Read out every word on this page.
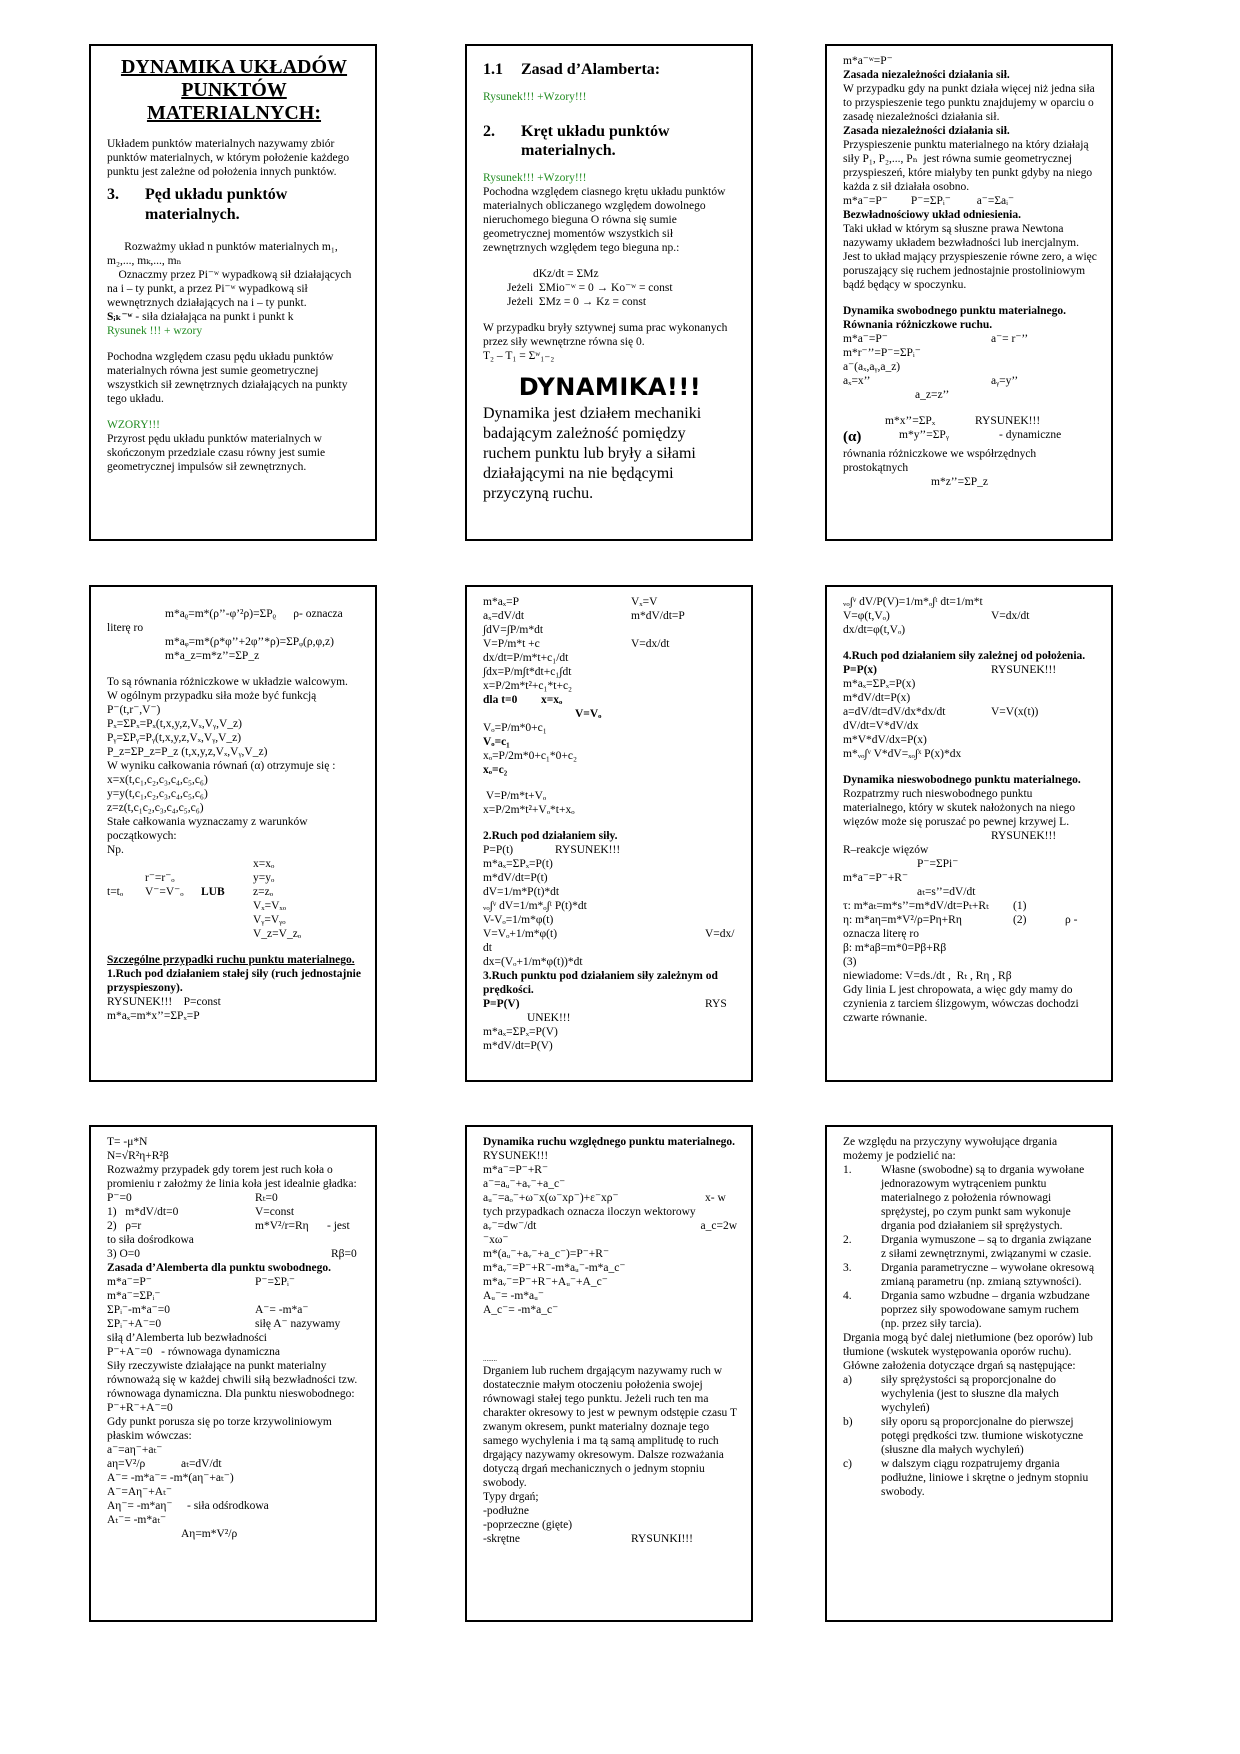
DYNAMIKA UKŁADÓW PUNKTÓW MATERIALNYCH:

Układem punktów materialnych nazywamy zbiór punktów materialnych, w którym położenie każdego punktu jest zależne od położenia innych punktów.

3.	Pęd układu punktów materialnych.

Rozważmy układ n punktów materialnych m₁, m₂,..., mₖ,..., mₙ

Oznaczmy przez Pi⁻ʷ wypadkową sił działających na i – ty punkt, a przez Pi⁻ʷ wypadkową sił wewnętrznych działających na i – ty punkt.

Sᵢₖ⁻ʷ - siła działająca na punkt i punkt k

Rysunek !!! + wzory

Pochodna względem czasu pędu układu punktów materialnych równa jest sumie geometrycznej wszystkich sił zewnętrznych działających na punkty tego układu.

WZORY!!!

Przyrost pędu układu punktów materialnych w skończonym przedziale czasu równy jest sumie geometrycznej impulsów sił zewnętrznych.

1.1	Zasad d’Alamberta:

Rysunek!!! +Wzory!!!

2.	Kręt układu punktów materialnych.

Rysunek!!! +Wzory!!!

Pochodna względem ciasnego krętu układu punktów materialnych obliczanego względem dowolnego nieruchomego bieguna O równa się sumie geometrycznej momentów wszystkich sił zewnętrznych względem tego bieguna np.:

dKz/dt = ΣMz

Jeżeli  ΣMio⁻ʷ = 0 → Ko⁻ʷ = const

Jeżeli  ΣMz = 0 → Kz = const

W przypadku bryły sztywnej suma prac wykonanych przez siły wewnętrzne równa się 0.

T₂ – T₁ = Σʷ₁₋₂

DYNAMIKA!!!

Dynamika jest działem mechaniki badającym zależność pomiędzy ruchem punktu lub bryły a siłami działającymi na nie będącymi przyczyną ruchu.

m*a⁻ʷ=P⁻

Zasada niezależności działania sił.

W przypadku gdy na punkt działa więcej niż jedna siła to przyspieszenie tego punktu znajdujemy w oparciu o zasadę niezależności działania sił.

Zasada niezależności działania sił.

Przyspieszenie punktu materialnego na który działają siły P₁, P₂,..., Pₙ  jest równa sumie geometrycznej przyspieszeń, które miałyby ten punkt gdyby na niego każda z sił działała osobno.

m*a⁻=P⁻        P⁻=ΣPᵢ⁻         a⁻=Σaᵢ⁻

Bezwładnościowy układ odniesienia.

Taki układ w którym są słuszne prawa Newtona nazywamy układem bezwładności lub inercjalnym. Jest to układ mający przyspieszenie równe zero, a więc poruszający się ruchem jednostajnie prostoliniowym bądź będący w spoczynku.

Dynamika swobodnego punktu materialnego. Równania różniczkowe ruchu.

m*a⁻=P⁻	a⁻= r⁻’’

m*r⁻’’=P⁻=ΣPᵢ⁻

a⁻(aₓ,aᵧ,a_z)

aₓ=x’’	aᵧ=y’’

a_z=z’’

m*x’’=ΣPₓ	RYSUNEK!!!
(α)	m*y’’=ΣPᵧ	- dynamiczne

równania różniczkowe we współrzędnych prostokątnych

m*z’’=ΣP_z

m*aᵨ=m*(ρ’’-φ’²ρ)=ΣPᵨ      ρ- oznacza

literę ro

m*aᵩ=m*(ρ*φ’’+2φ’’*ρ)=ΣPᵩ(ρ,φ,z)

m*a_z=m*z’’=ΣP_z

To są równania różniczkowe w układzie walcowym.

W ogólnym przypadku siła może być funkcją

P⁻(t,r⁻,V⁻)

Pₓ=ΣPₓ=Pₓ(t,x,y,z,Vₓ,Vᵧ,V_z)

Pᵧ=ΣPᵧ=Pᵧ(t,x,y,z,Vₓ,Vᵧ,V_z)

P_z=ΣP_z=P_z (t,x,y,z,Vₓ,Vᵧ,V_z)

W wyniku całkowania równań (α) otrzymuje się :

x=x(t,c₁,c₂,c₃,c₄,c₅,c₆)

y=y(t,c₁,c₂,c₃,c₄,c₅,c₆)

z=z(t,c₁c₂,c₃,c₄,c₅,c₆)

Stałe całkowania wyznaczamy z warunków początkowych:

Np.

x=xₒ

r⁻=r⁻ₒ	y=yₒ
t=tₒ	V⁻=V⁻ₒ	LUB	z=zₒ

Vₓ=Vₓₒ

Vᵧ=Vᵧₒ

V_z=V_zₒ

Szczególne przypadki ruchu punktu materialnego.

1.Ruch pod działaniem stałej siły (ruch jednostajnie przyspieszony).

RYSUNEK!!!    P=const

m*aₓ=m*x’’=ΣPₓ=P

m*aₓ=P	Vₓ=V
aₓ=dV/dt	m*dV/dt=P

∫dV=∫P/m*dt

V=P/m*t +c	V=dx/dt

dx/dt=P/m*t+c₁/dt

∫dx=P/m∫t*dt+c₁∫dt

x=P/2m*t²+c₁*t+c₂

dla t=0	x=xₒ

V=Vₒ

Vₒ=P/m*0+c₁

Vₒ=c₁

xₒ=P/2m*0+c₁*0+c₂

xₒ=c₂

V=P/m*t+Vₒ

x=P/2m*t²+Vₒ*t+xₒ

2.Ruch pod działaniem siły.

P=P(t)	RYSUNEK!!!

m*aₓ=ΣPₓ=P(t)

m*dV/dt=P(t)

dV=1/m*P(t)*dt

ᵥₒ∫ᵛ dV=1/m*ₒ∫ᵗ P(t)*dt

V-Vₒ=1/m*φ(t)

V=Vₒ+1/m*φ(t)	V=dx/

dt

dx=(Vₒ+1/m*φ(t))*dt

3.Ruch punktu pod działaniem siły zależnym od prędkości.

P=P(V)	RYS

UNEK!!!

m*aₓ=ΣPₓ=P(V)

m*dV/dt=P(V)

ᵥₒ∫ᵛ dV/P(V)=1/m*ₒ∫ᵗ dt=1/m*t

V=φ(t,Vₒ)	V=dx/dt

dx/dt=φ(t,Vₒ)

4.Ruch pod działaniem siły zależnej od położenia.

P=P(x)	RYSUNEK!!!

m*aₓ=ΣPₓ=P(x)

m*dV/dt=P(x)

a=dV/dt=dV/dx*dx/dt	V=V(x(t))

dV/dt=V*dV/dx

m*V*dV/dx=P(x)

m*ᵥₒ∫ᵛ V*dV=ₓₒ∫ˣ P(x)*dx

Dynamika nieswobodnego punktu materialnego.

Rozpatrzmy ruch nieswobodnego punktu materialnego, który w skutek nałożonych na niego więzów może się poruszać po pewnej krzywej L.

RYSUNEK!!!

R–reakcje więzów

P⁻=ΣPi⁻

m*a⁻=P⁻+R⁻

aₜ=s’’=dV/dt

τ: m*aₜ=m*s’’=m*dV/dt=Pₜ+Rₜ	(1)
η: m*aη=m*V²/ρ=Pη+Rη	(2)	ρ -

oznacza literę ro

β: m*aβ=m*0=Pβ+Rβ

(3)

niewiadome: V=ds./dt ,  Rₜ , Rη , Rβ

Gdy linia L jest chropowata, a więc gdy mamy do czynienia z tarciem ślizgowym, wówczas dochodzi czwarte równanie.

T= -μ*N

N=√R²η+R²β

Rozważmy przypadek gdy torem jest ruch koła o promieniu r założmy że linia koła jest idealnie gładka:

P⁻=0	Rₜ=0
1)   m*dV/dt=0	V=const
2)   ρ=r	m*V²/r=Rη	- jest

to siła dośrodkowa

3) O=0	Rβ=0

Zasada d’Alemberta dla punktu swobodnego.

m*a⁻=P⁻	P⁻=ΣPᵢ⁻

m*a⁻=ΣPᵢ⁻

ΣPᵢ⁻-m*a⁻=0	A⁻= -m*a⁻
ΣPᵢ⁻+A⁻=0	siłę A⁻ nazywamy

siłą d’Alemberta lub bezwładności

P⁻+A⁻=0   - równowaga dynamiczna

Siły rzeczywiste działające na punkt materialny równoważą się w każdej chwili siłą bezwładności tzw. równowaga dynamiczna. Dla punktu nieswobodnego:

P⁻+R⁻+A⁻=0

Gdy punkt porusza się po torze krzywoliniowym płaskim wówczas:

a⁻=aη⁻+aₜ⁻

aη=V²/ρ	aₜ=dV/dt

A⁻= -m*a⁻= -m*(aη⁻+aₜ⁻)

A⁻=Aη⁻+Aₜ⁻

Aη⁻= -m*aη⁻	- siła odśrodkowa

Aₜ⁻= -m*aₜ⁻

Aη=m*V²/ρ

Dynamika ruchu względnego punktu materialnego.

RYSUNEK!!!

m*a⁻=P⁻+R⁻

a⁻=aᵤ⁻+aᵥ⁻+a_c⁻

aᵤ⁻=aₒ⁻+ω⁻x(ω⁻xρ⁻)+ε⁻xρ⁻	x- w

tych przypadkach oznacza iloczyn wektorowy

aᵥ⁻=dw⁻/dt	a_c=2w

⁻xω⁻

m*(aᵤ⁻+aᵥ⁻+a_c⁻)=P⁻+R⁻

m*aᵥ⁻=P⁻+R⁻-m*aᵤ⁻-m*a_c⁻

m*aᵥ⁻=P⁻+R⁻+Aᵤ⁻+A_c⁻

Aᵤ⁻= -m*aᵤ⁻

A_c⁻= -m*a_c⁻

........

Drganiem lub ruchem drgającym nazywamy ruch w dostatecznie małym otoczeniu położenia swojej równowagi stałej tego punktu. Jeżeli ruch ten ma charakter okresowy to jest w pewnym odstępie czasu T zwanym okresem, punkt materialny doznaje tego samego wychylenia i ma tą samą amplitudę to ruch drgający nazywamy okresowym. Dalsze rozważania dotyczą drgań mechanicznych o jednym stopniu swobody.

Typy drgań;

-podłużne

-poprzeczne (gięte)

-skrętne	RYSUNKI!!!

Ze względu na przyczyny wywołujące drgania możemy je podzielić na:

1.	Własne (swobodne) są to drgania wywołane jednorazowym wytrąceniem punktu materialnego z położenia równowagi sprężystej, po czym punkt sam wykonuje drgania pod działaniem sił sprężystych.
2.	Drgania wymuszone – są to drgania związane z siłami zewnętrznymi, związanymi w czasie.
3.	Drgania parametryczne – wywołane okresową zmianą parametru (np. zmianą sztywności).
4.	Drgania samo wzbudne – drgania wzbudzane poprzez siły spowodowane samym ruchem (np. przez siły tarcia).

Drgania mogą być dalej nietłumione (bez oporów) lub tłumione (wskutek występowania oporów ruchu).

Główne założenia dotyczące drgań są następujące:

a)	siły sprężystości są proporcjonalne do wychylenia (jest to słuszne dla małych wychyleń)
b)	siły oporu są proporcjonalne do pierwszej potęgi prędkości tzw. tłumione wiskotyczne (słuszne dla małych wychyleń)
c)	w dalszym ciągu rozpatrujemy drgania podłużne, liniowe i skrętne o jednym stopniu swobody.
